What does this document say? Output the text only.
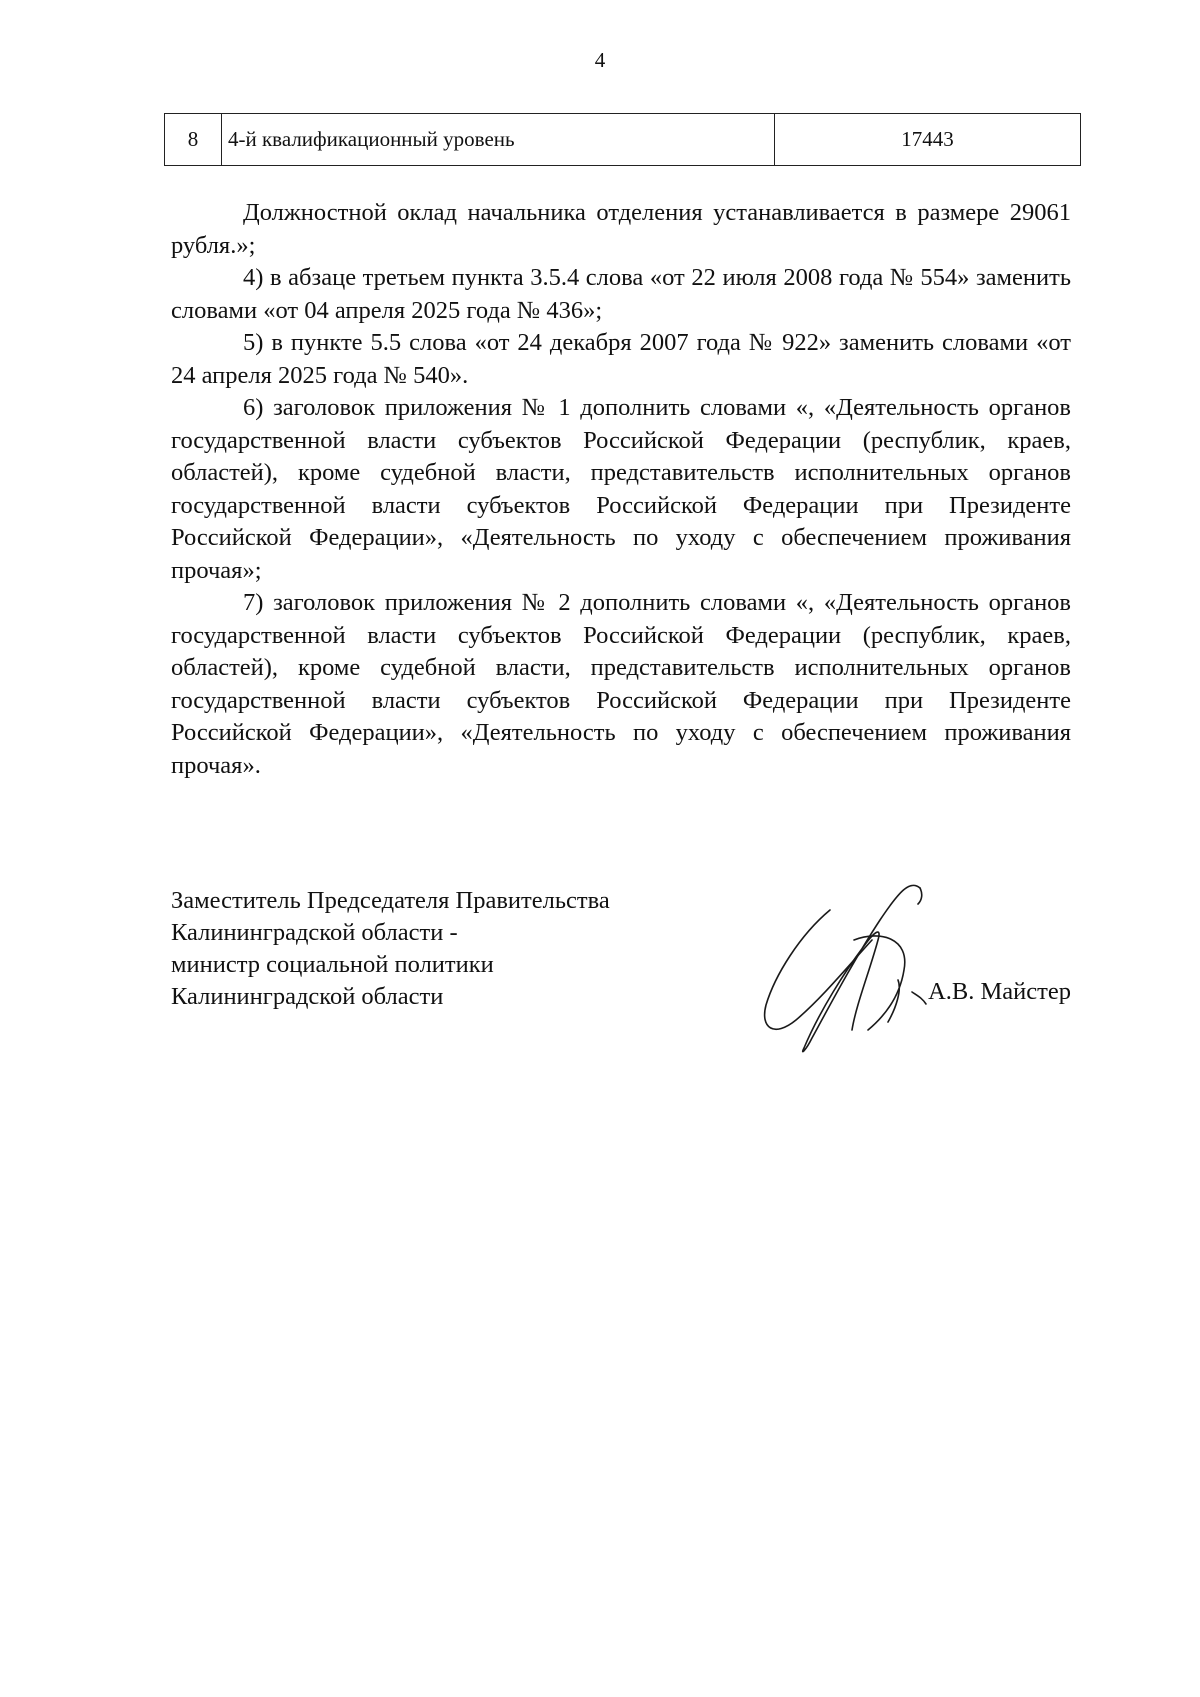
4
8	4-й квалификационный уровень	17443

Должностной оклад начальника отделения устанавливается в размере 29061 рубля.»;

4) в абзаце третьем пункта 3.5.4 слова «от 22 июля 2008 года № 554» заменить словами «от 04 апреля 2025 года № 436»;

5) в пункте 5.5 слова «от 24 декабря 2007 года № 922» заменить словами «от 24 апреля 2025 года № 540».

6) заголовок приложения № 1 дополнить словами «, «Деятельность органов государственной власти субъектов Российской Федерации (республик, краев, областей), кроме судебной власти, представительств исполнительных органов государственной власти субъектов Российской Федерации при Президенте Российской Федерации», «Деятельность по уходу с обеспечением проживания прочая»;

7) заголовок приложения № 2 дополнить словами «, «Деятельность органов государственной власти субъектов Российской Федерации (республик, краев, областей), кроме судебной власти, представительств исполнительных органов государственной власти субъектов Российской Федерации при Президенте Российской Федерации», «Деятельность по уходу с обеспечением проживания прочая».

Заместитель Председателя Правительства
Калининградской области -
министр социальной политики
Калининградской области	А.В. Майстер
